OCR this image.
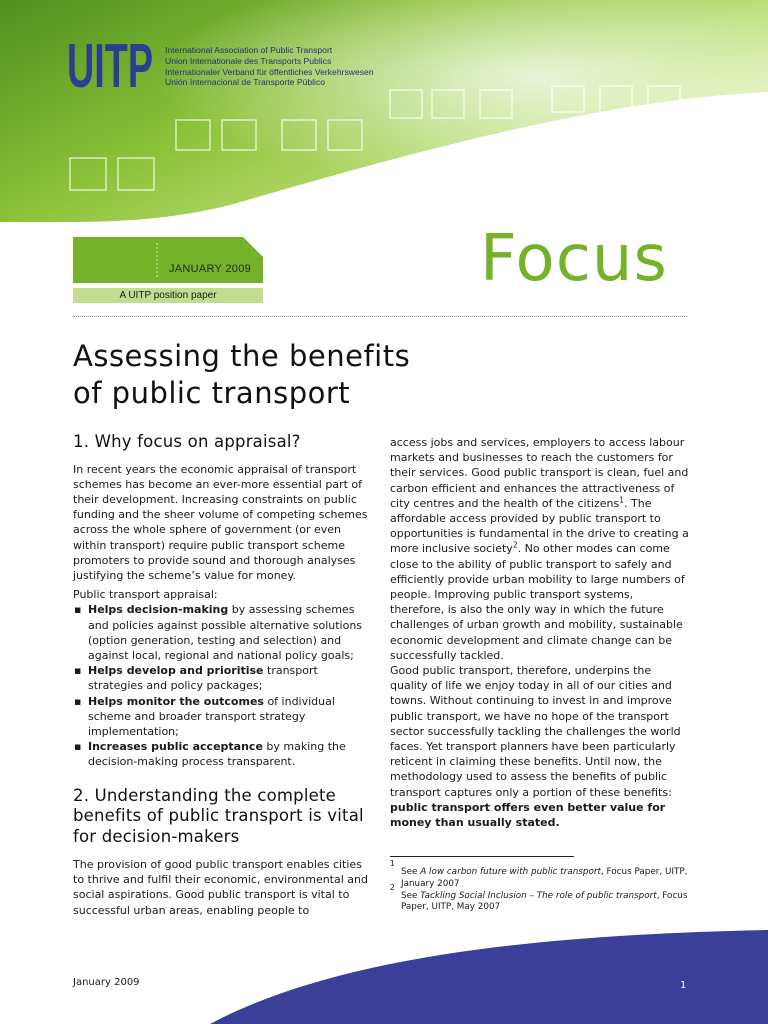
UITP International Association of Public Transport
Union Internationale des Transports Publics
Internationaler Verband für öffentliches Verkehrswesen
Unión Internacional de Transporte Público
JANUARY 2009
A UITP position paper	Focus
Assessing the benefits
of public transport
1. Why focus on appraisal?

In recent years the economic appraisal of transport schemes has become an ever-more essential part of their development. Increasing constraints on public funding and the sheer volume of competing schemes across the whole sphere of government (or even within transport) require public transport scheme promoters to provide sound and thorough analyses justifying the scheme’s value for money.

Public transport appraisal:

▪ Helps decision-making by assessing schemes and policies against possible alternative solutions (option generation, testing and selection) and against local, regional and national policy goals;
▪ Helps develop and prioritise transport strategies and policy packages;
▪ Helps monitor the outcomes of individual scheme and broader transport strategy implementation;
▪ Increases public acceptance by making the decision-making process transparent.
2. Understanding the complete benefits of public transport is vital for decision-makers

The provision of good public transport enables cities to thrive and fulfil their economic, environmental and social aspirations. Good public transport is vital to successful urban areas, enabling people to

access jobs and services, employers to access labour markets and businesses to reach the customers for their services. Good public transport is clean, fuel and carbon efficient and enhances the attractiveness of city centres and the health of the citizens$^1$. The affordable access provided by public transport to opportunities is fundamental in the drive to creating a more inclusive society$^2$. No other modes can come close to the ability of public transport to safely and efficiently provide urban mobility to large numbers of people. Improving public transport systems, therefore, is also the only way in which the future challenges of urban growth and mobility, sustainable economic development and climate change can be successfully tackled.

Good public transport, therefore, underpins the quality of life we enjoy today in all of our cities and towns. Without continuing to invest in and improve public transport, we have no hope of the transport sector successfully tackling the challenges the world faces. Yet transport planners have been particularly reticent in claiming these benefits. Until now, the methodology used to assess the benefits of public transport captures only a portion of these benefits: public transport offers even better value for money than usually stated.

1
See A low carbon future with public transport, Focus Paper, UITP, January 2007
2
See Tackling Social Inclusion – The role of public transport, Focus Paper, UITP, May 2007
January 2009	1
